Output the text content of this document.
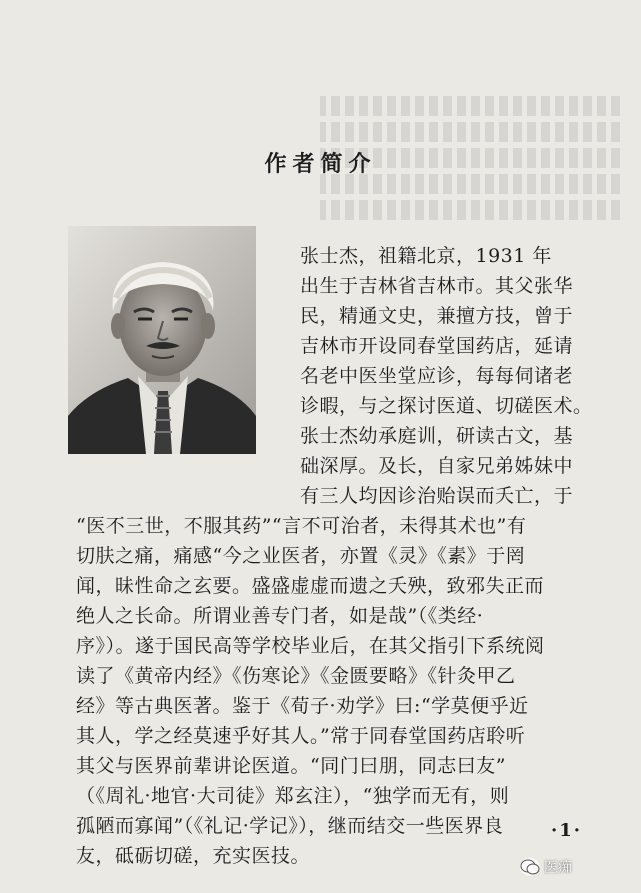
作者简介
张士杰，祖籍北京，1931 年
出生于吉林省吉林市。其父张华
民，精通文史，兼擅方技，曾于
吉林市开设同春堂国药店，延请
名老中医坐堂应诊，每每伺诸老
诊暇，与之探讨医道、切磋医术。
张士杰幼承庭训，研读古文，基
础深厚。及长，自家兄弟姊妹中
有三人均因诊治贻误而夭亡，于
“医不三世，不服其药”“言不可治者，未得其术也”有
切肤之痛，痛感“今之业医者，亦置《灵》《素》于罔
闻，昧性命之玄要。盛盛虚虚而遗之夭殃，致邪失正而
绝人之长命。所谓业善专门者，如是哉”（《类经·
序》）。遂于国民高等学校毕业后，在其父指引下系统阅
读了《黄帝内经》《伤寒论》《金匮要略》《针灸甲乙
经》等古典医著。鉴于《荀子·劝学》曰:“学莫便乎近
其人，学之经莫速乎好其人。”常于同春堂国药店聆听
其父与医界前辈讲论医道。“同门曰朋，同志曰友”
（《周礼·地官·大司徒》郑玄注），“独学而无有，则
孤陋而寡闻”（《礼记·学记》），继而结交一些医界良
友，砥砺切磋，充实医技。
·1·
医痴
